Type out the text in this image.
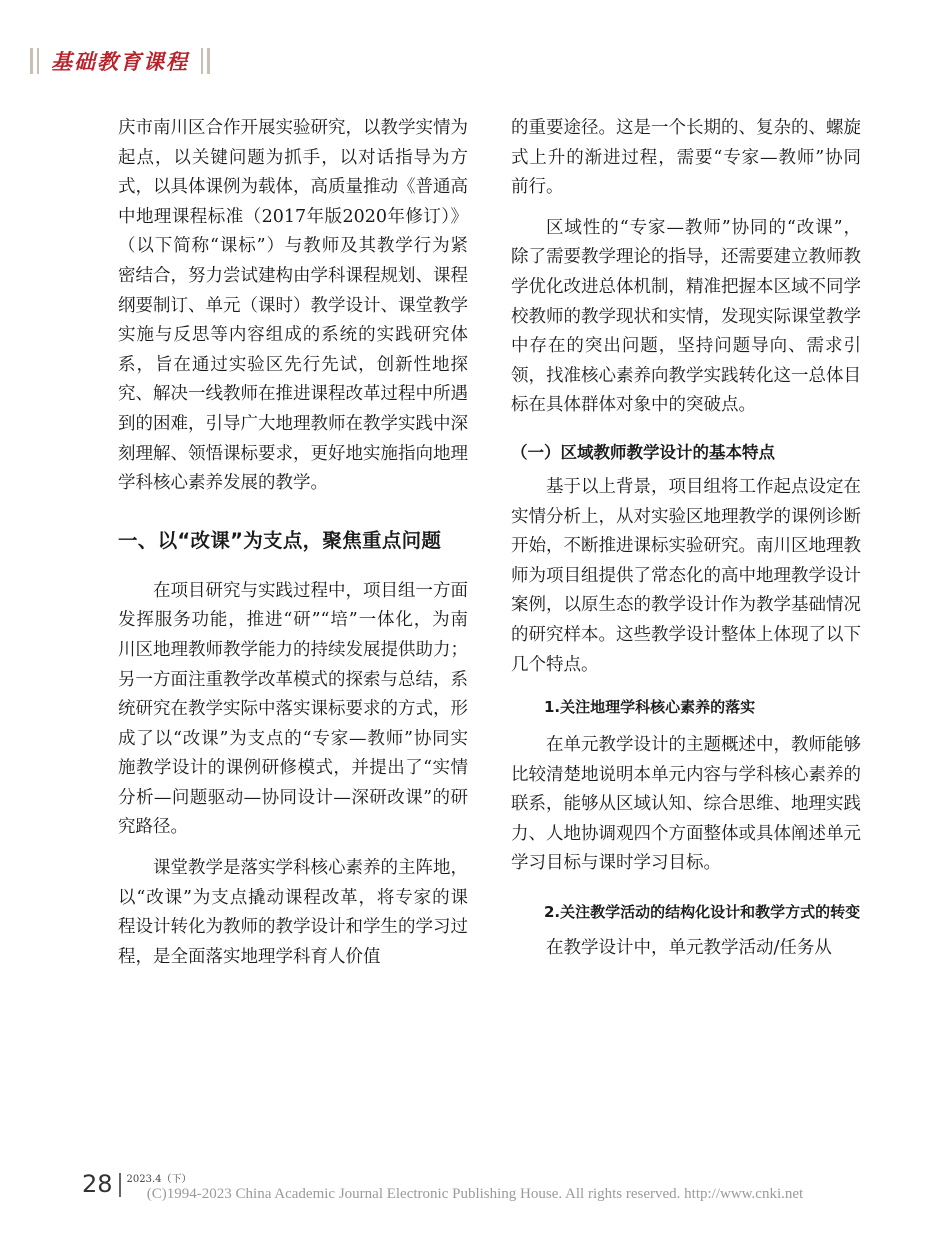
基础教育课程

庆市南川区合作开展实验研究，以教学实情为起点，以关键问题为抓手，以对话指导为方式，以具体课例为载体，高质量推动《普通高中地理课程标准（2017年版2020年修订）》（以下简称“课标”）与教师及其教学行为紧密结合，努力尝试建构由学科课程规划、课程纲要制订、单元（课时）教学设计、课堂教学实施与反思等内容组成的系统的实践研究体系，旨在通过实验区先行先试，创新性地探究、解决一线教师在推进课程改革过程中所遇到的困难，引导广大地理教师在教学实践中深刻理解、领悟课标要求，更好地实施指向地理学科核心素养发展的教学。

一、以“改课”为支点，聚焦重点问题

在项目研究与实践过程中，项目组一方面发挥服务功能，推进“研”“培”一体化，为南川区地理教师教学能力的持续发展提供助力；另一方面注重教学改革模式的探索与总结，系统研究在教学实际中落实课标要求的方式，形成了以“改课”为支点的“专家—教师”协同实施教学设计的课例研修模式，并提出了“实情分析—问题驱动—协同设计—深研改课”的研究路径。

课堂教学是落实学科核心素养的主阵地，以“改课”为支点撬动课程改革，将专家的课程设计转化为教师的教学设计和学生的学习过程，是全面落实地理学科育人价值

的重要途径。这是一个长期的、复杂的、螺旋式上升的渐进过程，需要“专家—教师”协同前行。

区域性的“专家—教师”协同的“改课”，除了需要教学理论的指导，还需要建立教师教学优化改进总体机制，精准把握本区域不同学校教师的教学现状和实情，发现实际课堂教学中存在的突出问题，坚持问题导向、需求引领，找准核心素养向教学实践转化这一总体目标在具体群体对象中的突破点。

（一）区域教师教学设计的基本特点

基于以上背景，项目组将工作起点设定在实情分析上，从对实验区地理教学的课例诊断开始，不断推进课标实验研究。南川区地理教师为项目组提供了常态化的高中地理教学设计案例，以原生态的教学设计作为教学基础情况的研究样本。这些教学设计整体上体现了以下几个特点。

1.关注地理学科核心素养的落实

在单元教学设计的主题概述中，教师能够比较清楚地说明本单元内容与学科核心素养的联系，能够从区域认知、综合思维、地理实践力、人地协调观四个方面整体或具体阐述单元学习目标与课时学习目标。

2.关注教学活动的结构化设计和教学方式的转变

在教学设计中，单元教学活动/任务从

28 2023.4（下）
(C)1994-2023 China Academic Journal Electronic Publishing House. All rights reserved. http://www.cnki.net
